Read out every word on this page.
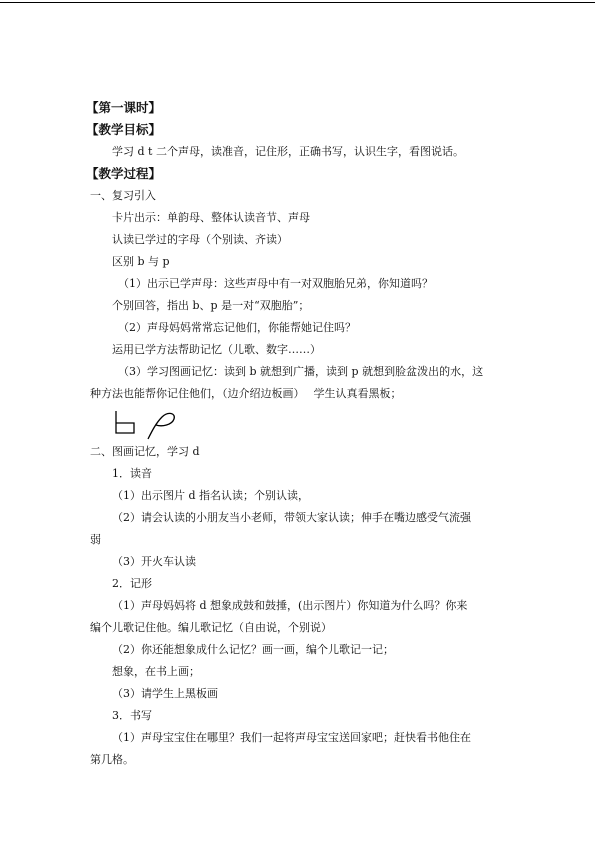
【第一课时】
【教学目标】
学习 d t 二个声母，读准音，记住形，正确书写，认识生字，看图说话。
【教学过程】
一、复习引入
卡片出示：单韵母、整体认读音节、声母
认读已学过的字母（个别读、齐读）
区别 b 与 p
（1）出示已学声母：这些声母中有一对双胞胎兄弟，你知道吗？
个别回答，指出 b、p 是一对“双胞胎”；
（2）声母妈妈常常忘记他们，你能帮她记住吗？
运用已学方法帮助记忆（儿歌、数字……）
（3）学习图画记忆：读到 b 就想到广播，读到 p 就想到脸盆泼出的水，这
种方法也能帮你记住他们，（边介绍边板画）　 学生认真看黑板；
二、图画记忆，学习 d
1．读音
（1）出示图片 d 指名认读；个别认读，
（2）请会认读的小朋友当小老师，带领大家认读；伸手在嘴边感受气流强
弱
（3）开火车认读
2．记形
（1）声母妈妈将 d 想象成鼓和鼓捶，(出示图片）你知道为什么吗？你来
编个儿歌记住他。编儿歌记忆（自由说，个别说）
（2）你还能想象成什么记忆？画一画，编个儿歌记一记；
想象，在书上画；
（3）请学生上黑板画
3．书写
（1）声母宝宝住在哪里？我们一起将声母宝宝送回家吧；赶快看书他住在
第几格。
